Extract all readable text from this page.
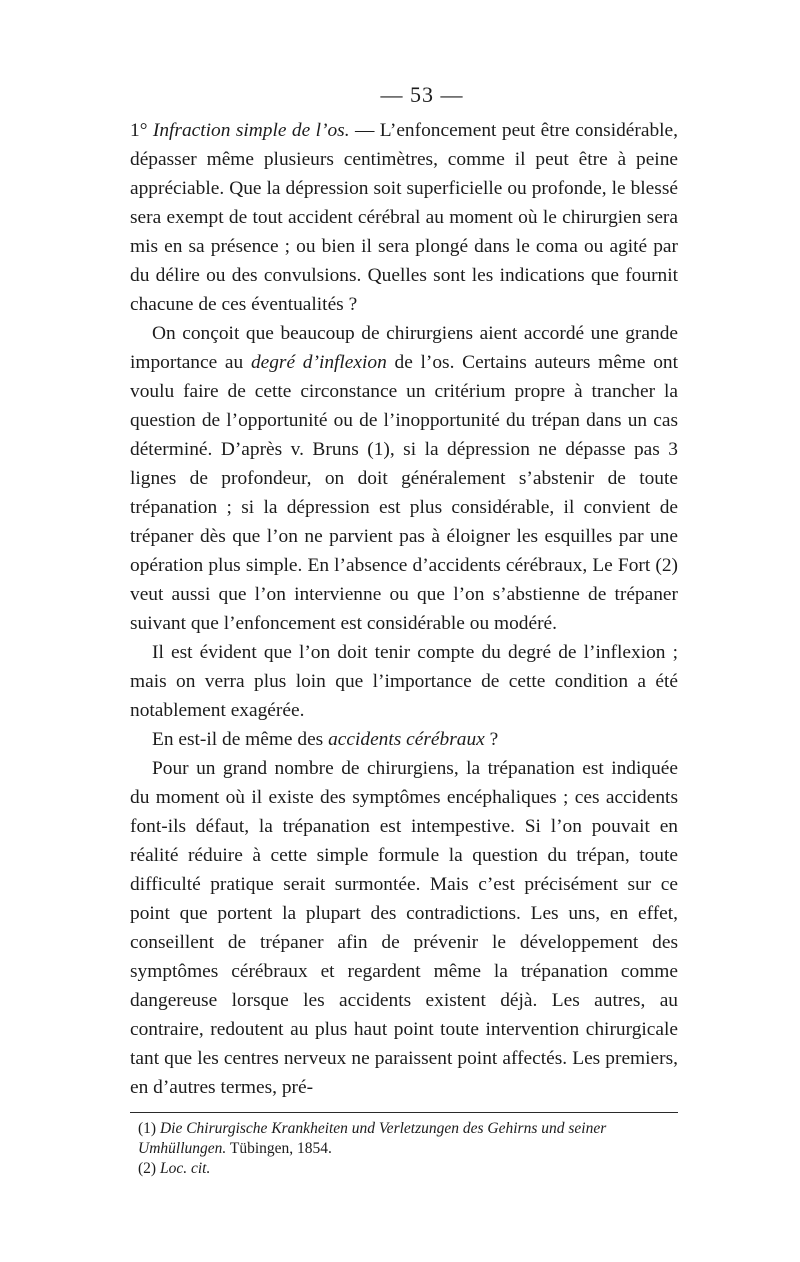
— 53 —

1° Infraction simple de l’os. — L’enfoncement peut être considérable, dépasser même plusieurs centimètres, comme il peut être à peine appréciable. Que la dépression soit superficielle ou profonde, le blessé sera exempt de tout accident cérébral au moment où le chirurgien sera mis en sa présence ; ou bien il sera plongé dans le coma ou agité par du délire ou des convulsions. Quelles sont les indications que fournit chacune de ces éventualités ?

On conçoit que beaucoup de chirurgiens aient accordé une grande importance au degré d’inflexion de l’os. Certains auteurs même ont voulu faire de cette circonstance un critérium propre à trancher la question de l’opportunité ou de l’inopportunité du trépan dans un cas déterminé. D’après v. Bruns (1), si la dépression ne dépasse pas 3 lignes de profondeur, on doit généralement s’abstenir de toute trépanation ; si la dépression est plus considérable, il convient de trépaner dès que l’on ne parvient pas à éloigner les esquilles par une opération plus simple. En l’absence d’accidents cérébraux, Le Fort (2) veut aussi que l’on intervienne ou que l’on s’abstienne de trépaner suivant que l’enfoncement est considérable ou modéré.

Il est évident que l’on doit tenir compte du degré de l’inflexion ; mais on verra plus loin que l’importance de cette condition a été notablement exagérée.

En est-il de même des accidents cérébraux ?

Pour un grand nombre de chirurgiens, la trépanation est indiquée du moment où il existe des symptômes encéphaliques ; ces accidents font-ils défaut, la trépanation est intempestive. Si l’on pouvait en réalité réduire à cette simple formule la question du trépan, toute difficulté pratique serait surmontée. Mais c’est précisément sur ce point que portent la plupart des contradictions. Les uns, en effet, conseillent de trépaner afin de prévenir le développement des symptômes cérébraux et regardent même la trépanation comme dangereuse lorsque les accidents existent déjà. Les autres, au contraire, redoutent au plus haut point toute intervention chirurgicale tant que les centres nerveux ne paraissent point affectés. Les premiers, en d’autres termes, pré-

(1) Die Chirurgische Krankheiten und Verletzungen des Gehirns und seiner Umhüllungen. Tübingen, 1854.

(2) Loc. cit.
